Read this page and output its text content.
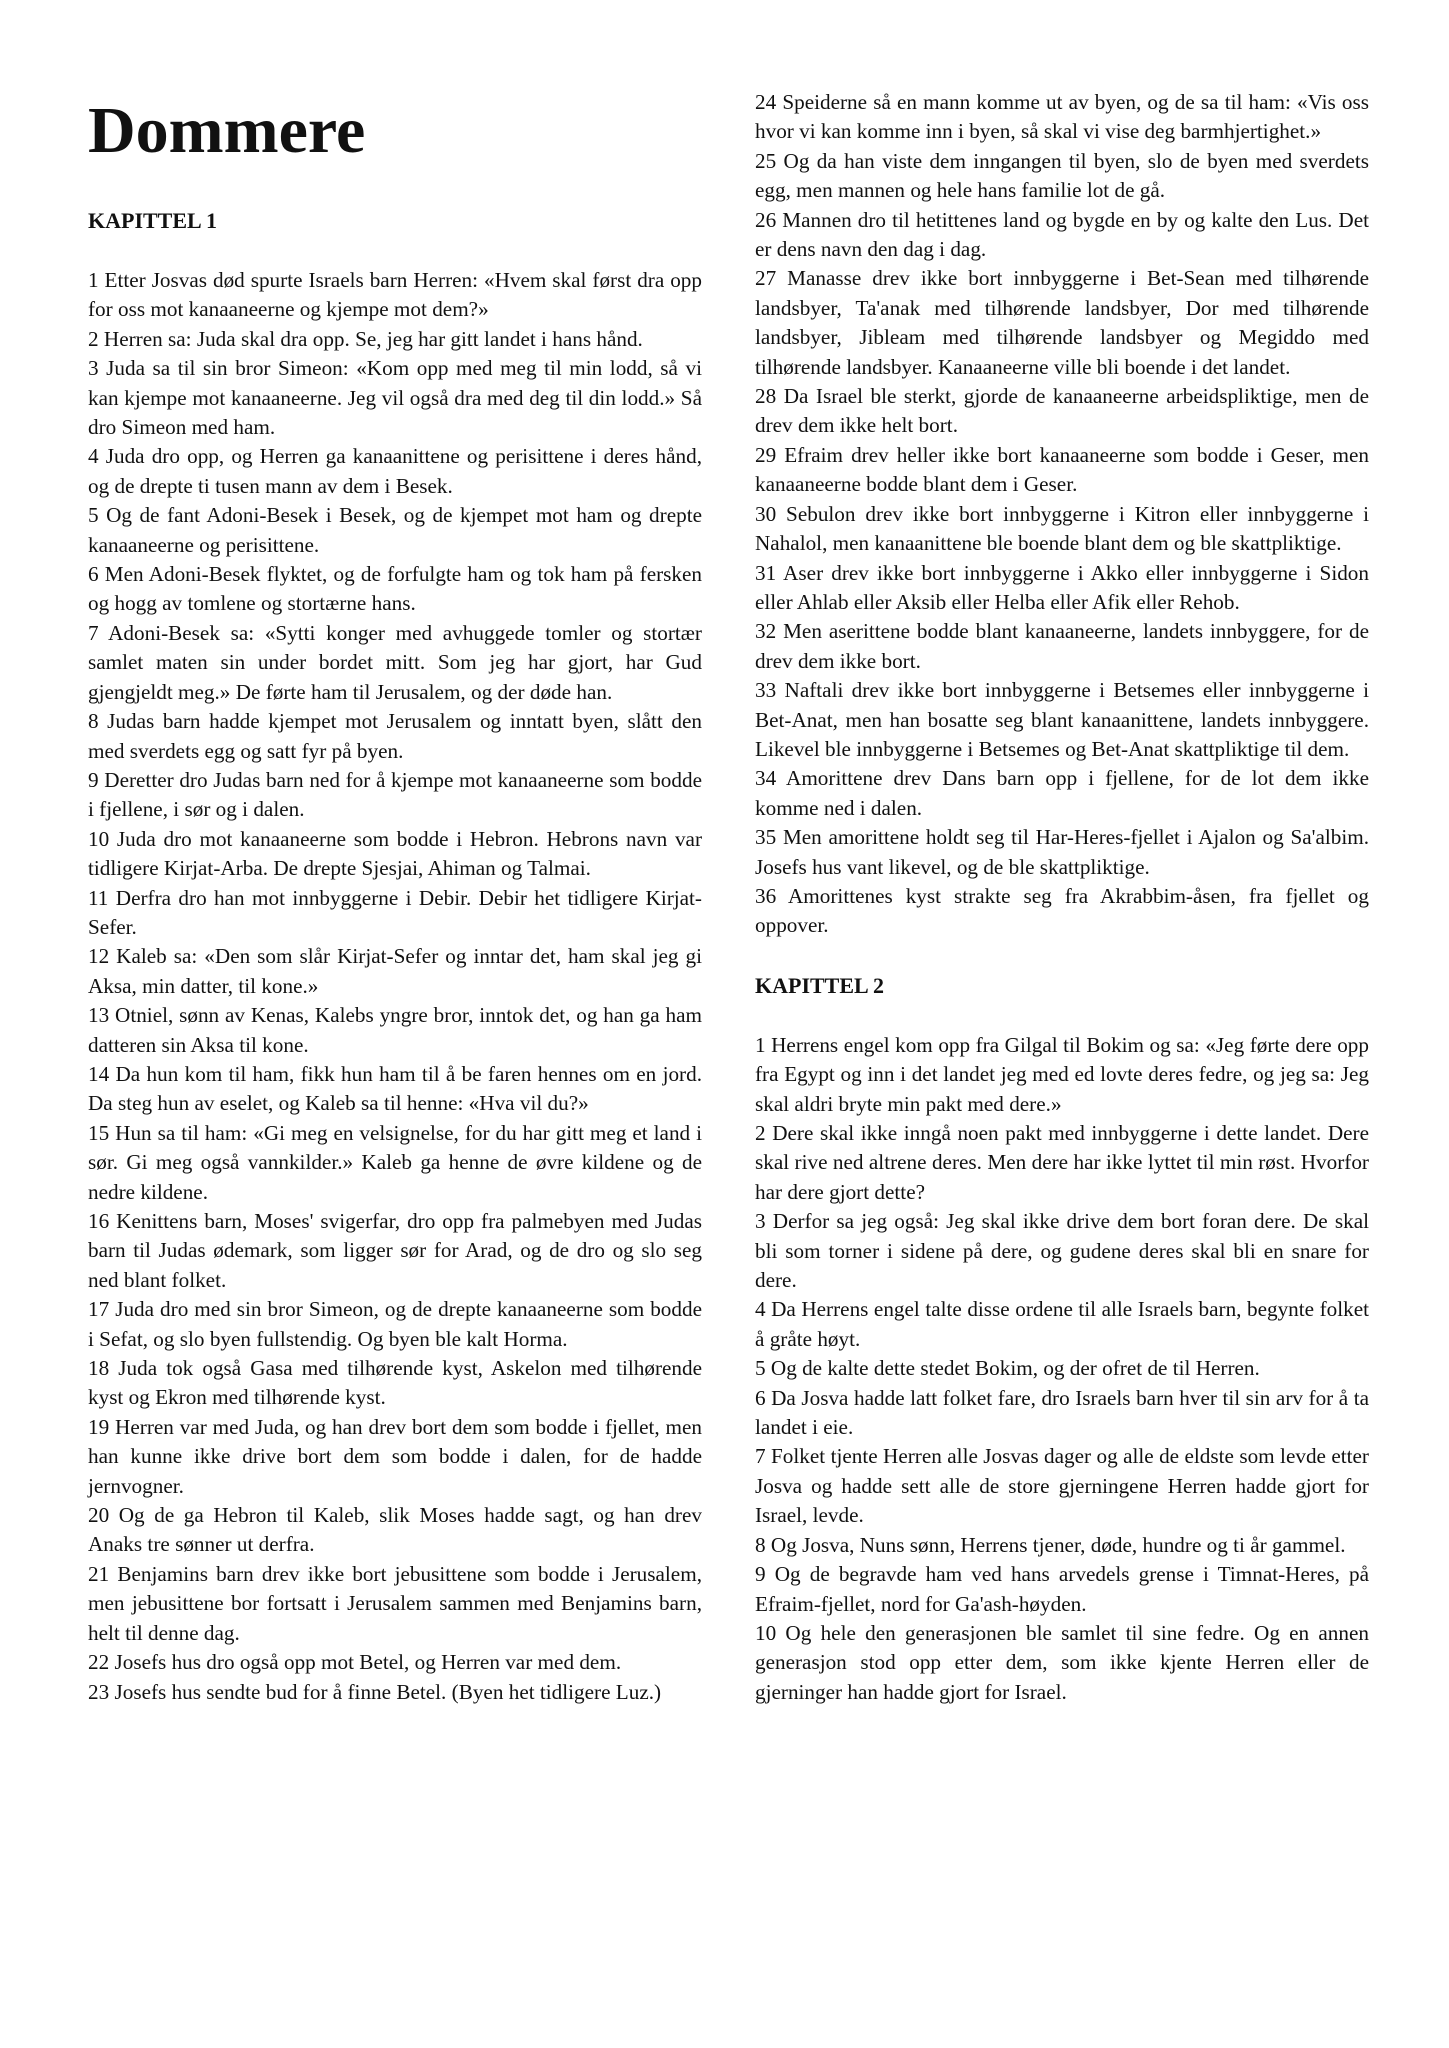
Dommere
KAPITTEL 1

1 Etter Josvas død spurte Israels barn Herren: «Hvem skal først dra opp for oss mot kanaaneerne og kjempe mot dem?»

2 Herren sa: Juda skal dra opp. Se, jeg har gitt landet i hans hånd.

3 Juda sa til sin bror Simeon: «Kom opp med meg til min lodd, så vi kan kjempe mot kanaaneerne. Jeg vil også dra med deg til din lodd.» Så dro Simeon med ham.

4 Juda dro opp, og Herren ga kanaanittene og perisittene i deres hånd, og de drepte ti tusen mann av dem i Besek.

5 Og de fant Adoni-Besek i Besek, og de kjempet mot ham og drepte kanaaneerne og perisittene.

6 Men Adoni-Besek flyktet, og de forfulgte ham og tok ham på fersken og hogg av tomlene og stortærne hans.

7 Adoni-Besek sa: «Sytti konger med avhuggede tomler og stortær samlet maten sin under bordet mitt. Som jeg har gjort, har Gud gjengjeldt meg.» De førte ham til Jerusalem, og der døde han.

8 Judas barn hadde kjempet mot Jerusalem og inntatt byen, slått den med sverdets egg og satt fyr på byen.

9 Deretter dro Judas barn ned for å kjempe mot kanaaneerne som bodde i fjellene, i sør og i dalen.

10 Juda dro mot kanaaneerne som bodde i Hebron. Hebrons navn var tidligere Kirjat-Arba. De drepte Sjesjai, Ahiman og Talmai.

11 Derfra dro han mot innbyggerne i Debir. Debir het tidligere Kirjat-Sefer.

12 Kaleb sa: «Den som slår Kirjat-Sefer og inntar det, ham skal jeg gi Aksa, min datter, til kone.»

13 Otniel, sønn av Kenas, Kalebs yngre bror, inntok det, og han ga ham datteren sin Aksa til kone.

14 Da hun kom til ham, fikk hun ham til å be faren hennes om en jord. Da steg hun av eselet, og Kaleb sa til henne: «Hva vil du?»

15 Hun sa til ham: «Gi meg en velsignelse, for du har gitt meg et land i sør. Gi meg også vannkilder.» Kaleb ga henne de øvre kildene og de nedre kildene.

16 Kenittens barn, Moses' svigerfar, dro opp fra palmebyen med Judas barn til Judas ødemark, som ligger sør for Arad, og de dro og slo seg ned blant folket.

17 Juda dro med sin bror Simeon, og de drepte kanaaneerne som bodde i Sefat, og slo byen fullstendig. Og byen ble kalt Horma.

18 Juda tok også Gasa med tilhørende kyst, Askelon med tilhørende kyst og Ekron med tilhørende kyst.

19 Herren var med Juda, og han drev bort dem som bodde i fjellet, men han kunne ikke drive bort dem som bodde i dalen, for de hadde jernvogner.

20 Og de ga Hebron til Kaleb, slik Moses hadde sagt, og han drev Anaks tre sønner ut derfra.

21 Benjamins barn drev ikke bort jebusittene som bodde i Jerusalem, men jebusittene bor fortsatt i Jerusalem sammen med Benjamins barn, helt til denne dag.

22 Josefs hus dro også opp mot Betel, og Herren var med dem.

23 Josefs hus sendte bud for å finne Betel. (Byen het tidligere Luz.)

24 Speiderne så en mann komme ut av byen, og de sa til ham: «Vis oss hvor vi kan komme inn i byen, så skal vi vise deg barmhjertighet.»

25 Og da han viste dem inngangen til byen, slo de byen med sverdets egg, men mannen og hele hans familie lot de gå.

26 Mannen dro til hetittenes land og bygde en by og kalte den Lus. Det er dens navn den dag i dag.

27 Manasse drev ikke bort innbyggerne i Bet-Sean med tilhørende landsbyer, Ta'anak med tilhørende landsbyer, Dor med tilhørende landsbyer, Jibleam med tilhørende landsbyer og Megiddo med tilhørende landsbyer. Kanaaneerne ville bli boende i det landet.

28 Da Israel ble sterkt, gjorde de kanaaneerne arbeidspliktige, men de drev dem ikke helt bort.

29 Efraim drev heller ikke bort kanaaneerne som bodde i Geser, men kanaaneerne bodde blant dem i Geser.

30 Sebulon drev ikke bort innbyggerne i Kitron eller innbyggerne i Nahalol, men kanaanittene ble boende blant dem og ble skattpliktige.

31 Aser drev ikke bort innbyggerne i Akko eller innbyggerne i Sidon eller Ahlab eller Aksib eller Helba eller Afik eller Rehob.

32 Men aserittene bodde blant kanaaneerne, landets innbyggere, for de drev dem ikke bort.

33 Naftali drev ikke bort innbyggerne i Betsemes eller innbyggerne i Bet-Anat, men han bosatte seg blant kanaanittene, landets innbyggere. Likevel ble innbyggerne i Betsemes og Bet-Anat skattpliktige til dem.

34 Amorittene drev Dans barn opp i fjellene, for de lot dem ikke komme ned i dalen.

35 Men amorittene holdt seg til Har-Heres-fjellet i Ajalon og Sa'albim. Josefs hus vant likevel, og de ble skattpliktige.

36 Amorittenes kyst strakte seg fra Akrabbim-åsen, fra fjellet og oppover.

KAPITTEL 2

1 Herrens engel kom opp fra Gilgal til Bokim og sa: «Jeg førte dere opp fra Egypt og inn i det landet jeg med ed lovte deres fedre, og jeg sa: Jeg skal aldri bryte min pakt med dere.»

2 Dere skal ikke inngå noen pakt med innbyggerne i dette landet. Dere skal rive ned altrene deres. Men dere har ikke lyttet til min røst. Hvorfor har dere gjort dette?

3 Derfor sa jeg også: Jeg skal ikke drive dem bort foran dere. De skal bli som torner i sidene på dere, og gudene deres skal bli en snare for dere.

4 Da Herrens engel talte disse ordene til alle Israels barn, begynte folket å gråte høyt.

5 Og de kalte dette stedet Bokim, og der ofret de til Herren.

6 Da Josva hadde latt folket fare, dro Israels barn hver til sin arv for å ta landet i eie.

7 Folket tjente Herren alle Josvas dager og alle de eldste som levde etter Josva og hadde sett alle de store gjerningene Herren hadde gjort for Israel, levde.

8 Og Josva, Nuns sønn, Herrens tjener, døde, hundre og ti år gammel.

9 Og de begravde ham ved hans arvedels grense i Timnat-Heres, på Efraim-fjellet, nord for Ga'ash-høyden.

10 Og hele den generasjonen ble samlet til sine fedre. Og en annen generasjon stod opp etter dem, som ikke kjente Herren eller de gjerninger han hadde gjort for Israel.
